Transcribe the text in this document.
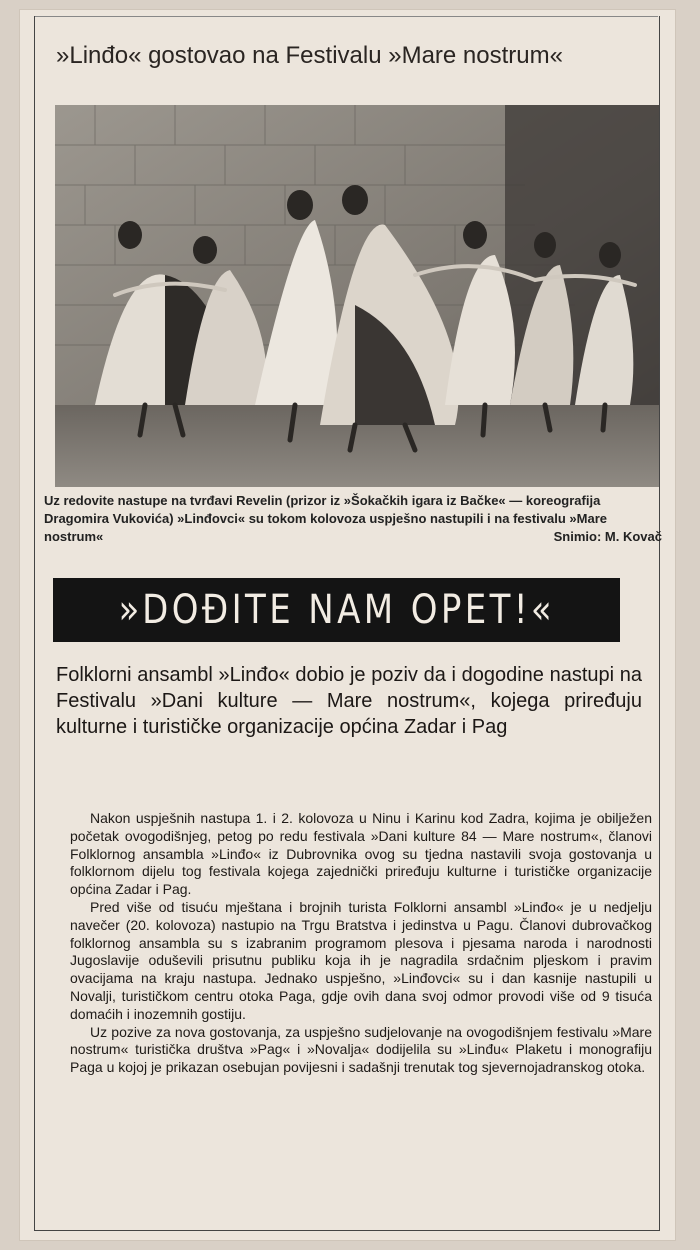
»Linđo« gostovao na Festivalu »Mare nostrum«
Uz redovite nastupe na tvrđavi Revelin (prizor iz »Šokačkih igara iz Bačke« — koreografija Dragomira Vukovića) »Linđovci« su tokom kolovoza uspješno nastupili i na festivalu »Mare nostrum«	Snimio: M. Kovač
»DOĐITE NAM OPET!«
Folklorni ansambl »Linđo« dobio je poziv da i dogodine nastupi na Festivalu »Dani kulture — Mare nostrum«, kojega priređuju kulturne i turističke organizacije općina Zadar i Pag

Nakon uspješnih nastupa 1. i 2. kolovoza u Ninu i Karinu kod Zadra, kojima je obilježen početak ovogodišnjeg, petog po redu festivala »Dani kulture 84 — Mare nostrum«, članovi Folklornog ansambla »Linđo« iz Dubrovnika ovog su tjedna nastavili svoja gostovanja u folklornom dijelu tog festivala kojega zajednički priređuju kulturne i turističke organizacije općina Zadar i Pag.

Pred više od tisuću mještana i brojnih turista Folklorni ansambl »Linđo« je u nedjelju navečer (20. kolovoza) nastupio na Trgu Bratstva i jedinstva u Pagu. Članovi dubrovačkog folklornog ansambla su s izabranim programom plesova i pjesama naroda i narodnosti Jugoslavije oduševili prisutnu publiku koja ih je nagradila srdačnim pljeskom i pravim ovacijama na kraju nastupa. Jednako uspješno, »Linđovci« su i dan kasnije nastupili u Novalji, turističkom centru otoka Paga, gdje ovih dana svoj odmor provodi više od 9 tisuća domaćih i inozemnih gostiju.

Uz pozive za nova gostovanja, za uspješno sudjelovanje na ovogodišnjem festivalu »Mare nostrum« turistička društva »Pag« i »Novalja« dodijelila su »Linđu« Plaketu i monografiju Paga u kojoj je prikazan osebujan povijesni i sadašnji trenutak tog sjevernojadranskog otoka.
